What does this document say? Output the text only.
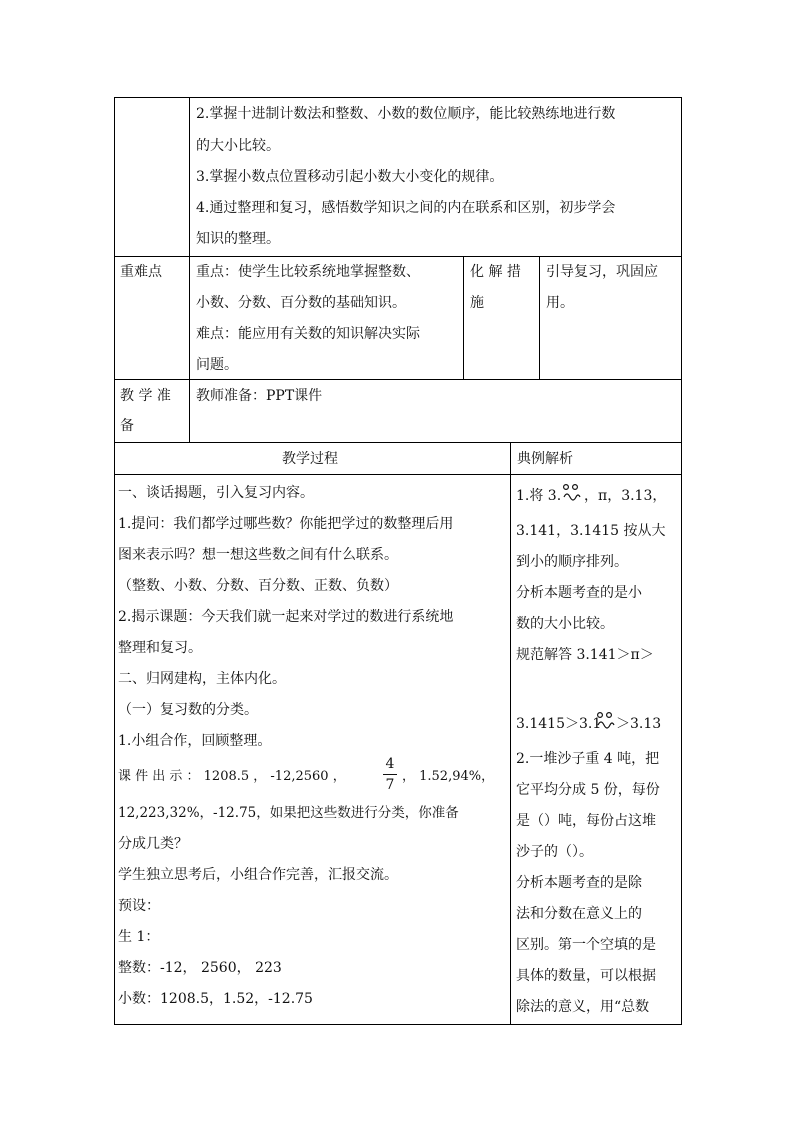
2.掌握十进制计数法和整数、小数的数位顺序，能比较熟练地进行数
的大小比较。
3.掌握小数点位置移动引起小数大小变化的规律。
4.通过整理和复习，感悟数学知识之间的内在联系和区别，初步学会
知识的整理。
重难点 重点：使学生比较系统地掌握整数、
小数、分数、百分数的基础知识。
难点：能应用有关数的知识解决实际
问题。
化 解 措
施
引导复习，巩固应
用。
教 学 准
备
教师准备：PPT课件
教学过程	典例解析
一、谈话揭题，引入复习内容。
1.提问：我们都学过哪些数？你能把学过的数整理后用
图来表示吗？想一想这些数之间有什么联系。
（整数、小数、分数、百分数、正数、负数）
2.揭示课题：今天我们就一起来对学过的数进行系统地
整理和复习。
二、归网建构，主体内化。
（一）复习数的分类。
1.小组合作，回顾整理。
课 件 出 示 ： 1208.5 ， -12,2560 ，
4
7
， 1.52,94%，
12,223,32%，-12.75，如果把这些数进行分类，你准备
分成几类？
学生独立思考后，小组合作完善，汇报交流。
预设：
生 1：
整数：-12， 2560， 223
小数：1208.5，1.52，-12.75
1.将 3. ，π，3.13，
3.141，3.1415 按从大
到小的顺序排列。
分析本题考查的是小
数的大小比较。
规范解答 3.141＞π＞
3.1415＞3.1 ＞3.13
2.一堆沙子重 4 吨，把
它平均分成 5 份，每份
是（）吨，每份占这堆
沙子的（）。
分析本题考查的是除
法和分数在意义上的
区别。第一个空填的是
具体的数量，可以根据
除法的意义，用“总数
